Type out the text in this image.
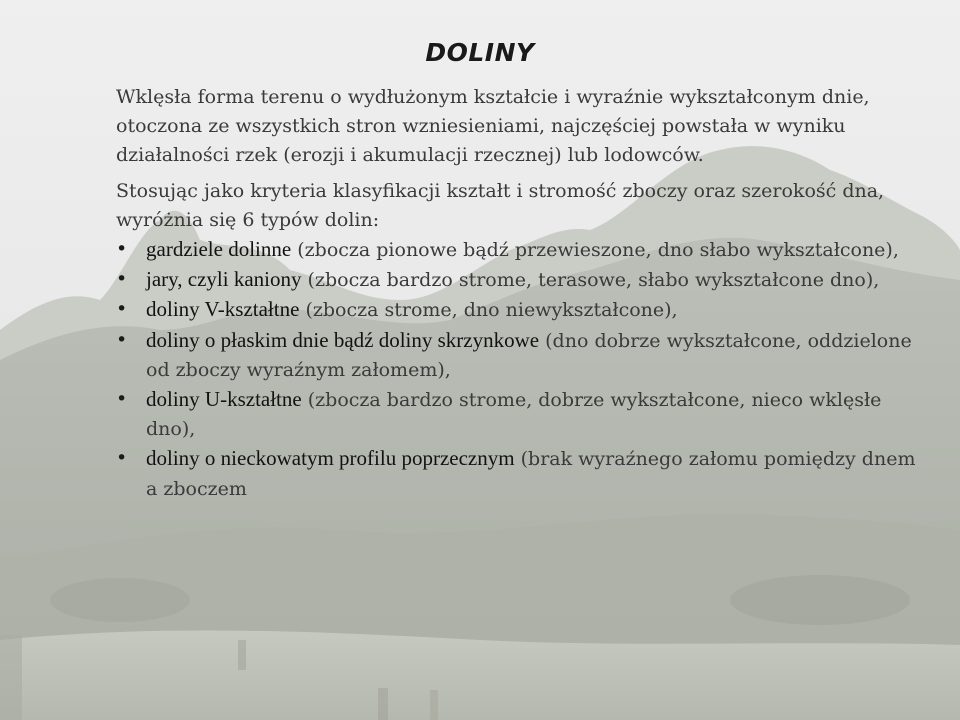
DOLINY

Wklęsła forma terenu o wydłużonym kształcie i wyraźnie wykształconym dnie, otoczona ze wszystkich stron wzniesieniami, najczęściej powstała w wyniku działalności rzek (erozji i akumulacji rzecznej) lub lodowców.

Stosując jako kryteria klasyfikacji kształt i stromość zboczy oraz szerokość dna, wyróżnia się 6 typów dolin:

• gardziele dolinne (zbocza pionowe bądź przewieszone, dno słabo wykształcone),
• jary, czyli kaniony (zbocza bardzo strome, terasowe, słabo wykształcone dno),
• doliny V-kształtne (zbocza strome, dno niewykształcone),
• doliny o płaskim dnie bądź doliny skrzynkowe (dno dobrze wykształcone, oddzielone od zboczy wyraźnym załomem),
• doliny U-kształtne (zbocza bardzo strome, dobrze wykształcone, nieco wklęsłe dno),
• doliny o nieckowatym profilu poprzecznym (brak wyraźnego załomu pomiędzy dnem a zboczem
